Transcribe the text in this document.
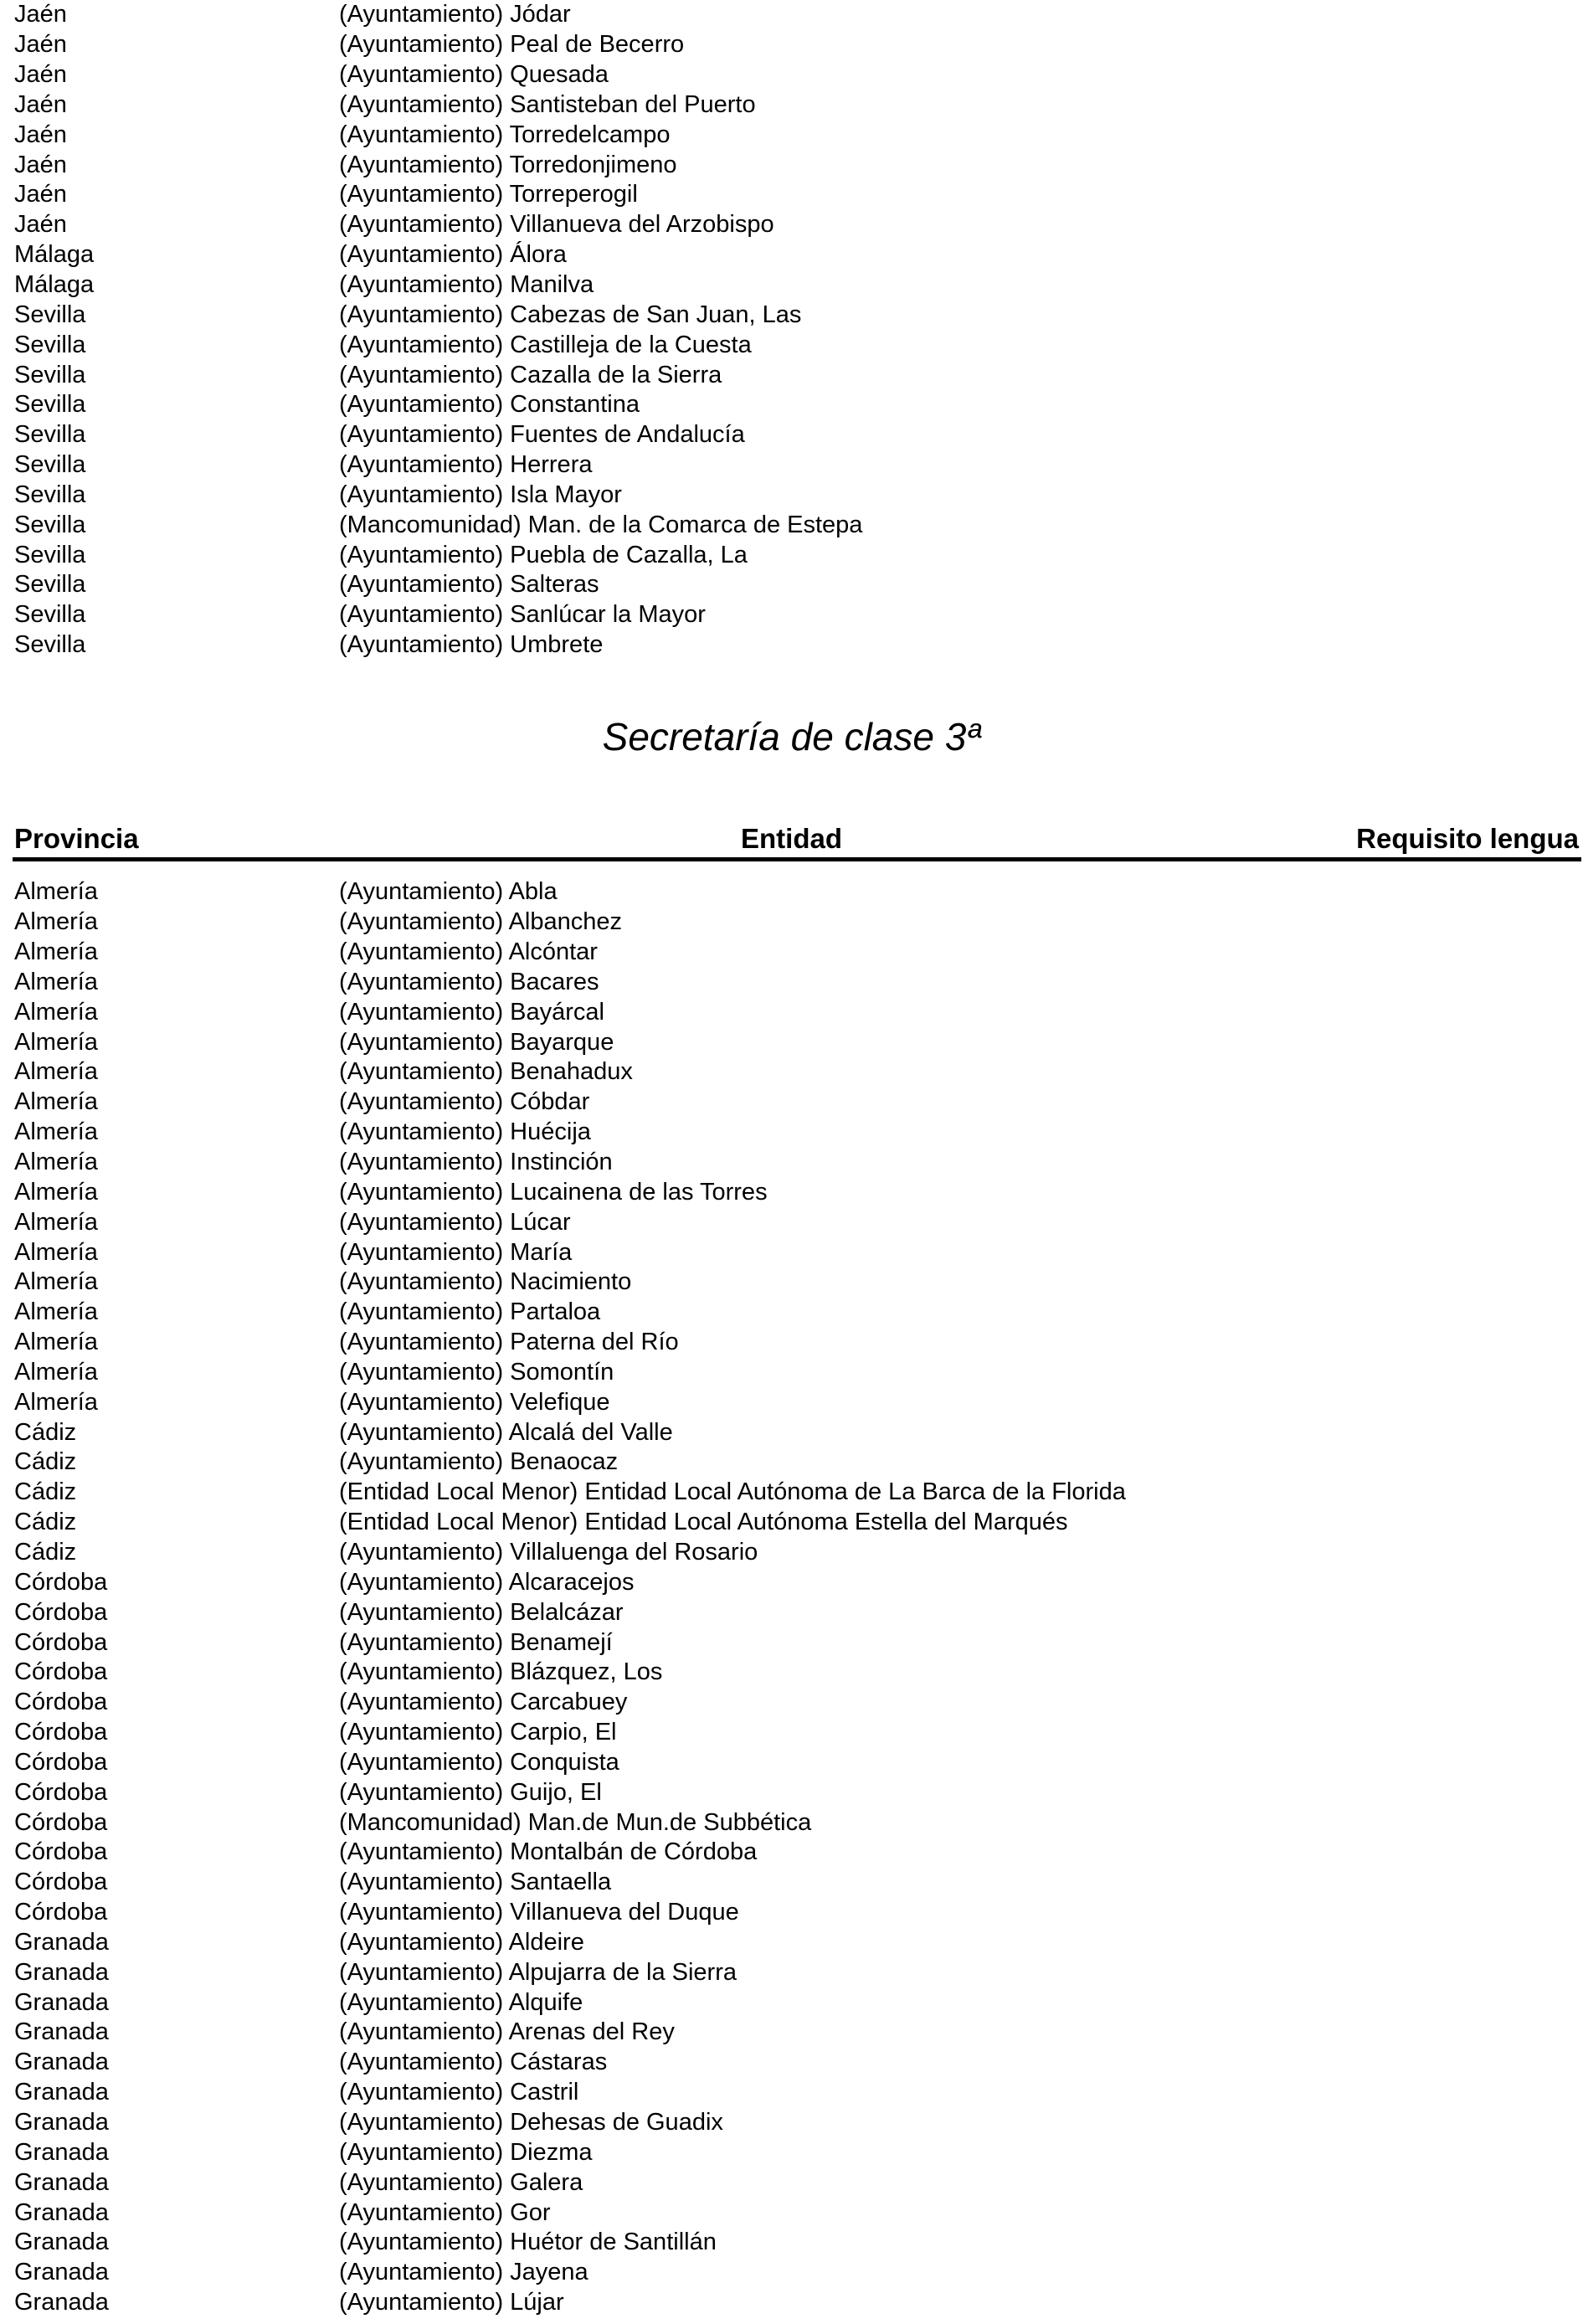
Jaén	(Ayuntamiento) Jódar
Jaén	(Ayuntamiento) Peal de Becerro
Jaén	(Ayuntamiento) Quesada
Jaén	(Ayuntamiento) Santisteban del Puerto
Jaén	(Ayuntamiento) Torredelcampo
Jaén	(Ayuntamiento) Torredonjimeno
Jaén	(Ayuntamiento) Torreperogil
Jaén	(Ayuntamiento) Villanueva del Arzobispo
Málaga	(Ayuntamiento) Álora
Málaga	(Ayuntamiento) Manilva
Sevilla	(Ayuntamiento) Cabezas de San Juan, Las
Sevilla	(Ayuntamiento) Castilleja de la Cuesta
Sevilla	(Ayuntamiento) Cazalla de la Sierra
Sevilla	(Ayuntamiento) Constantina
Sevilla	(Ayuntamiento) Fuentes de Andalucía
Sevilla	(Ayuntamiento) Herrera
Sevilla	(Ayuntamiento) Isla Mayor
Sevilla	(Mancomunidad) Man. de la Comarca de Estepa
Sevilla	(Ayuntamiento) Puebla de Cazalla, La
Sevilla	(Ayuntamiento) Salteras
Sevilla	(Ayuntamiento) Sanlúcar la Mayor
Sevilla	(Ayuntamiento) Umbrete
Secretaría de clase 3ª
Provincia	Entidad	Requisito lengua
Almería	(Ayuntamiento) Abla
Almería	(Ayuntamiento) Albanchez
Almería	(Ayuntamiento) Alcóntar
Almería	(Ayuntamiento) Bacares
Almería	(Ayuntamiento) Bayárcal
Almería	(Ayuntamiento) Bayarque
Almería	(Ayuntamiento) Benahadux
Almería	(Ayuntamiento) Cóbdar
Almería	(Ayuntamiento) Huécija
Almería	(Ayuntamiento) Instinción
Almería	(Ayuntamiento) Lucainena de las Torres
Almería	(Ayuntamiento) Lúcar
Almería	(Ayuntamiento) María
Almería	(Ayuntamiento) Nacimiento
Almería	(Ayuntamiento) Partaloa
Almería	(Ayuntamiento) Paterna del Río
Almería	(Ayuntamiento) Somontín
Almería	(Ayuntamiento) Velefique
Cádiz	(Ayuntamiento) Alcalá del Valle
Cádiz	(Ayuntamiento) Benaocaz
Cádiz	(Entidad Local Menor) Entidad Local Autónoma de La Barca de la Florida
Cádiz	(Entidad Local Menor) Entidad Local Autónoma Estella del Marqués
Cádiz	(Ayuntamiento) Villaluenga del Rosario
Córdoba	(Ayuntamiento) Alcaracejos
Córdoba	(Ayuntamiento) Belalcázar
Córdoba	(Ayuntamiento) Benamejí
Córdoba	(Ayuntamiento) Blázquez, Los
Córdoba	(Ayuntamiento) Carcabuey
Córdoba	(Ayuntamiento) Carpio, El
Córdoba	(Ayuntamiento) Conquista
Córdoba	(Ayuntamiento) Guijo, El
Córdoba	(Mancomunidad) Man.de Mun.de Subbética
Córdoba	(Ayuntamiento) Montalbán de Córdoba
Córdoba	(Ayuntamiento) Santaella
Córdoba	(Ayuntamiento) Villanueva del Duque
Granada	(Ayuntamiento) Aldeire
Granada	(Ayuntamiento) Alpujarra de la Sierra
Granada	(Ayuntamiento) Alquife
Granada	(Ayuntamiento) Arenas del Rey
Granada	(Ayuntamiento) Cástaras
Granada	(Ayuntamiento) Castril
Granada	(Ayuntamiento) Dehesas de Guadix
Granada	(Ayuntamiento) Diezma
Granada	(Ayuntamiento) Galera
Granada	(Ayuntamiento) Gor
Granada	(Ayuntamiento) Huétor de Santillán
Granada	(Ayuntamiento) Jayena
Granada	(Ayuntamiento) Lújar
